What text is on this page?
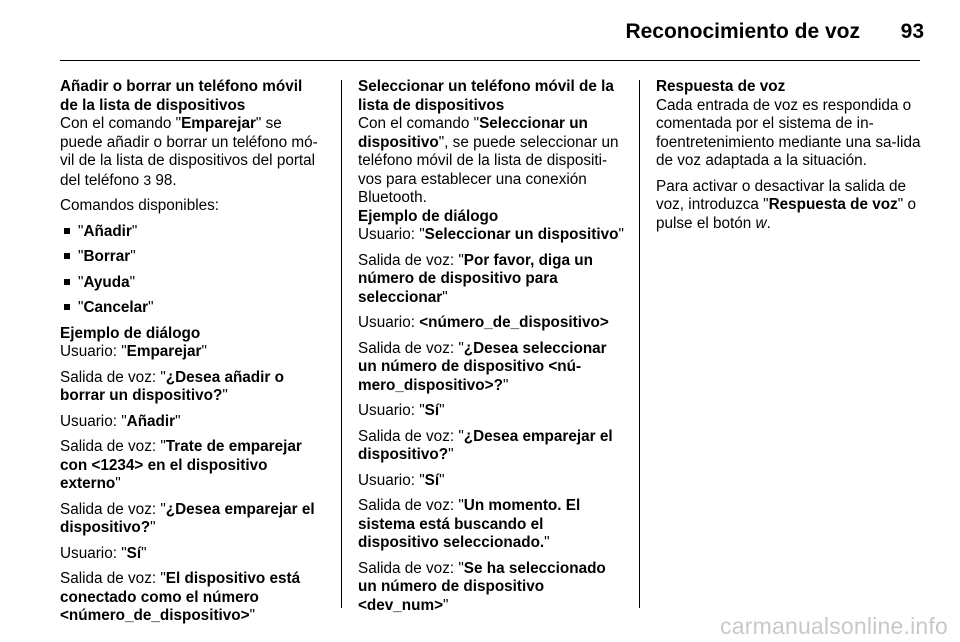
Reconocimiento de voz 93
Añadir o borrar un teléfono móvil de la lista de dispositivos

Con el comando "Emparejar" se puede añadir o borrar un teléfono mó-vil de la lista de dispositivos del portal del teléfono 3 98.

Comandos disponibles:

"Añadir"
"Borrar"
"Ayuda"
"Cancelar"
Ejemplo de diálogo

Usuario: "Emparejar"

Salida de voz: "¿Desea añadir o borrar un dispositivo?"

Usuario: "Añadir"

Salida de voz: "Trate de emparejar con <1234> en el dispositivo externo"

Salida de voz: "¿Desea emparejar el dispositivo?"

Usuario: "Sí"

Salida de voz: "El dispositivo está conectado como el número <número_de_dispositivo>"

Seleccionar un teléfono móvil de la lista de dispositivos

Con el comando "Seleccionar un dispositivo", se puede seleccionar un teléfono móvil de la lista de dispositi-vos para establecer una conexión Bluetooth.

Ejemplo de diálogo

Usuario: "Seleccionar un dispositivo"

Salida de voz: "Por favor, diga un número de dispositivo para seleccionar"

Usuario: <número_de_dispositivo>

Salida de voz: "¿Desea seleccionar un número de dispositivo <nú-mero_dispositivo>?"

Usuario: "Sí"

Salida de voz: "¿Desea emparejar el dispositivo?"

Usuario: "Sí"

Salida de voz: "Un momento. El sistema está buscando el dispositivo seleccionado."

Salida de voz: "Se ha seleccionado un número de dispositivo <dev_num>"

Respuesta de voz

Cada entrada de voz es respondida o comentada por el sistema de in-foentretenimiento mediante una sa-lida de voz adaptada a la situación.

Para activar o desactivar la salida de voz, introduzca "Respuesta de voz" o pulse el botón w.

carmanualsonline.info
